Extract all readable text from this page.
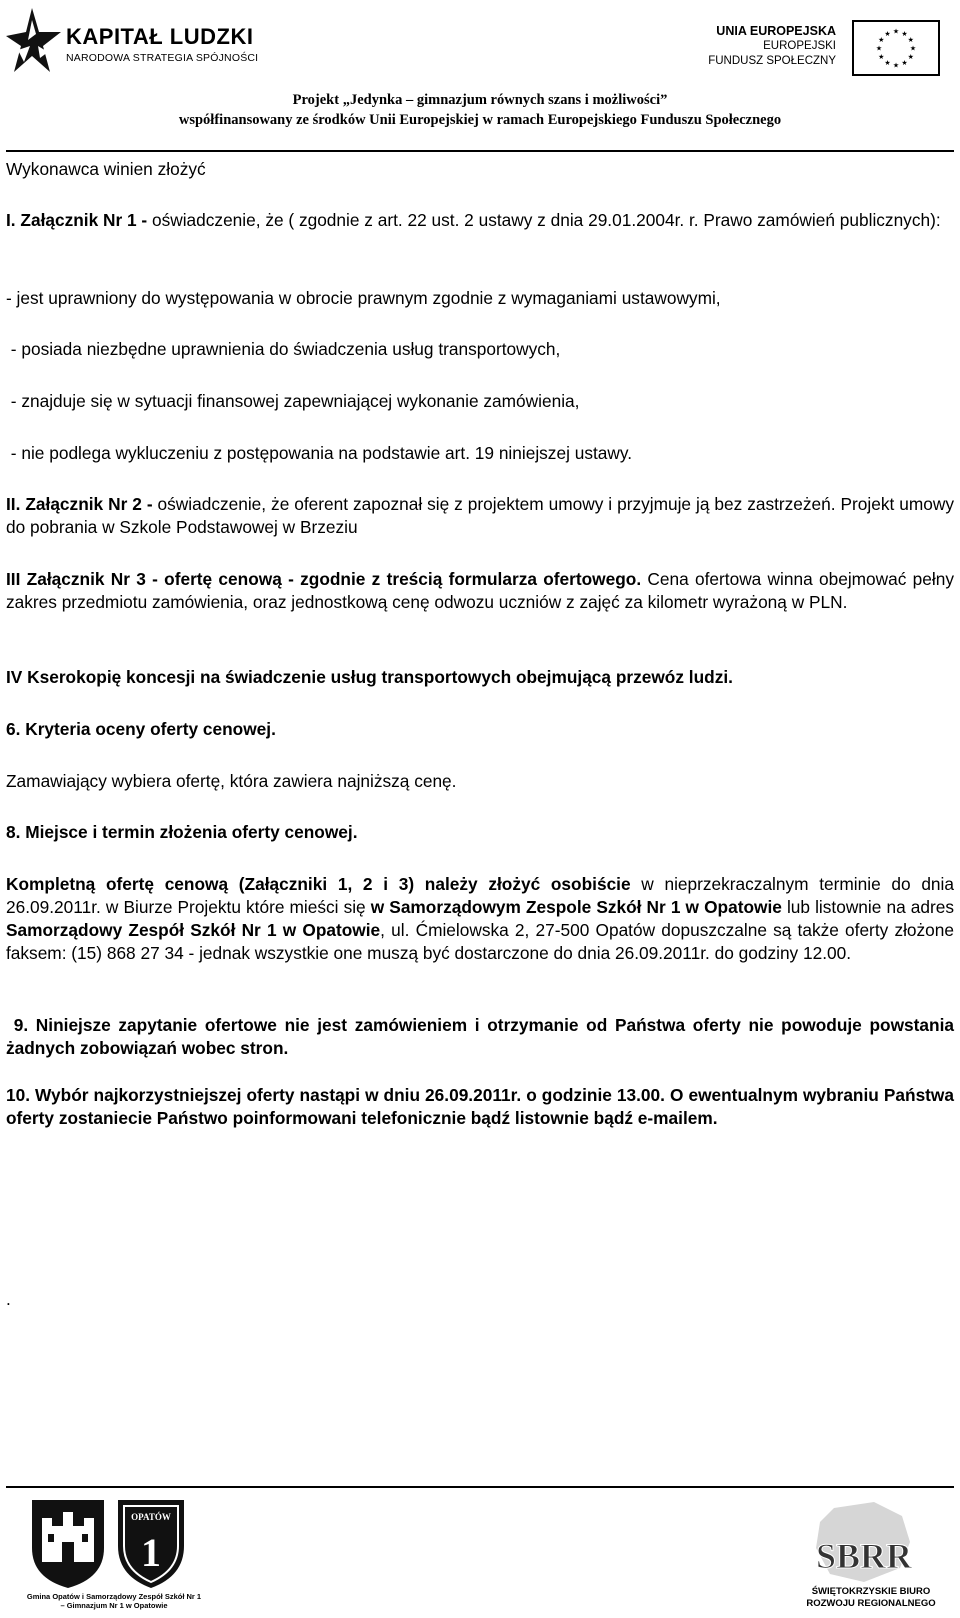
KAPITAŁ LUDZKI
NARODOWA STRATEGIA SPÓJNOŚCI
UNIA EUROPEJSKA
EUROPEJSKI
FUNDUSZ SPOŁECZNY
★ ★
★
★
★
★
★
★
★
★
★
★
Projekt „Jedynka – gimnazjum równych szans i możliwości”
współfinansowany ze środków Unii Europejskiej w ramach Europejskiego Funduszu Społecznego
Wykonawca winien złożyć
I. Załącznik Nr 1 - oświadczenie, że ( zgodnie z art. 22 ust. 2 ustawy z dnia 29.01.2004r. r. Prawo zamówień publicznych):
- jest uprawniony do występowania w obrocie prawnym zgodnie z wymaganiami ustawowymi,
- posiada niezbędne uprawnienia do świadczenia usług transportowych,
- znajduje się w sytuacji finansowej zapewniającej wykonanie zamówienia,
- nie podlega wykluczeniu z postępowania na podstawie art. 19 niniejszej ustawy.
II. Załącznik Nr 2 - oświadczenie, że oferent zapoznał się z projektem umowy i przyjmuje ją bez zastrzeżeń. Projekt umowy do pobrania w Szkole Podstawowej w Brzeziu
III Załącznik Nr 3 - ofertę cenową - zgodnie z treścią formularza ofertowego. Cena ofertowa winna obejmować pełny zakres przedmiotu zamówienia, oraz jednostkową cenę odwozu uczniów z zajęć za kilometr wyrażoną w PLN.
IV Kserokopię koncesji na świadczenie usług transportowych obejmującą przewóz ludzi.
6. Kryteria oceny oferty cenowej.
Zamawiający wybiera ofertę, która zawiera najniższą cenę.
8. Miejsce i termin złożenia oferty cenowej.
Kompletną ofertę cenową (Załączniki 1, 2 i 3) należy złożyć osobiście w nieprzekraczalnym terminie do dnia 26.09.2011r. w Biurze Projektu które mieści się w Samorządowym Zespole Szkół Nr 1 w Opatowie lub listownie na adres Samorządowy Zespół Szkół Nr 1 w Opatowie, ul. Ćmielowska 2, 27-500 Opatów dopuszczalne są także oferty złożone faksem: (15) 868 27 34 - jednak wszystkie one muszą być dostarczone do dnia 26.09.2011r. do godziny 12.00.
9. Niniejsze zapytanie ofertowe nie jest zamówieniem i otrzymanie od Państwa oferty nie powoduje powstania żadnych zobowiązań wobec stron.
10. Wybór najkorzystniejszej oferty nastąpi w dniu 26.09.2011r. o godzinie 13.00. O ewentualnym wybraniu Państwa oferty zostaniecie Państwo poinformowani telefonicznie bądź listownie bądź e-mailem.
.
OPATÓW
1
Gmina Opatów i Samorządowy Zespół Szkół Nr 1
– Gimnazjum Nr 1 w Opatowie
SBRR
ŚWIĘTOKRZYSKIE BIURO
ROZWOJU REGIONALNEGO
